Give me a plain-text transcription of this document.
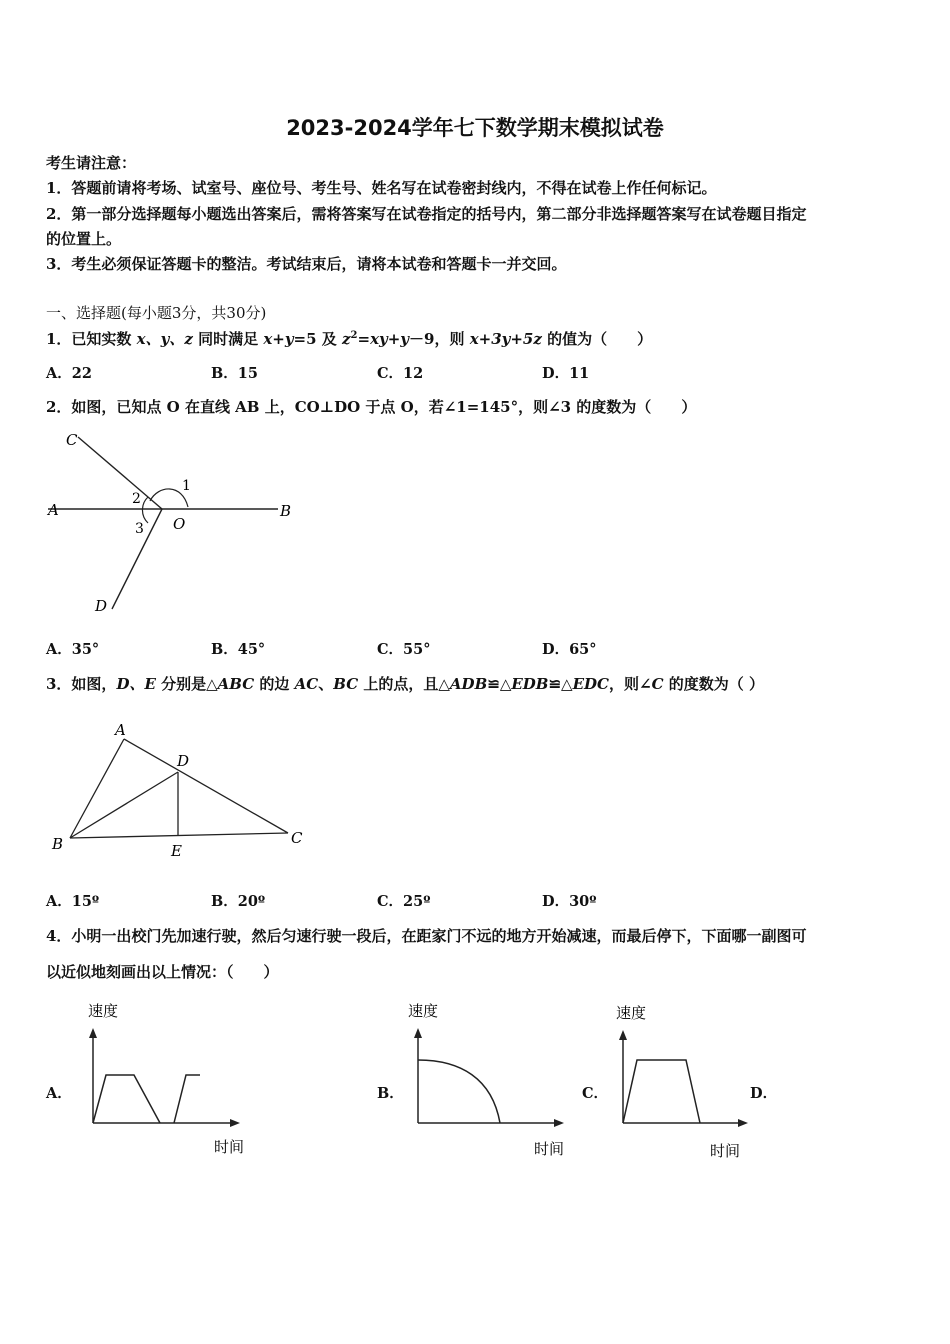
2023-2024学年七下数学期末模拟试卷
考生请注意：
1．答题前请将考场、试室号、座位号、考生号、姓名写在试卷密封线内，不得在试卷上作任何标记。
2．第一部分选择题每小题选出答案后，需将答案写在试卷指定的括号内，第二部分非选择题答案写在试卷题目指定
的位置上。
3．考生必须保证答题卡的整洁。考试结束后，请将本试卷和答题卡一并交回。
一、选择题(每小题3分，共30分)
1．已知实数 x、y、z 同时满足 x+y=5 及 $z^2=xy+y-9$，则 x+3y+5z 的值为（　　）
A．22	B．15	C．12	D．11
2．如图，已知点 O 在直线 AB 上，CO⊥DO 于点 O，若∠1=145°，则∠3 的度数为（　　）
C
A	B
O
D
1
2
3
A．35°	B．45°	C．55°	D．65°
3．如图，D、E 分别是△ABC 的边 AC、BC 上的点，且△ADB≌△EDB≌△EDC，则∠C 的度数为（ ）
A
D
B	E
C
A．15º	B．20º	C．25º	D．30º
4．小明一出校门先加速行驶，然后匀速行驶一段后，在距家门不远的地方开始减速，而最后停下，下面哪一副图可
以近似地刻画出以上情况：（　　）
A．
速度
时间
B．
速度
时间
C．
速度
时间
D．
